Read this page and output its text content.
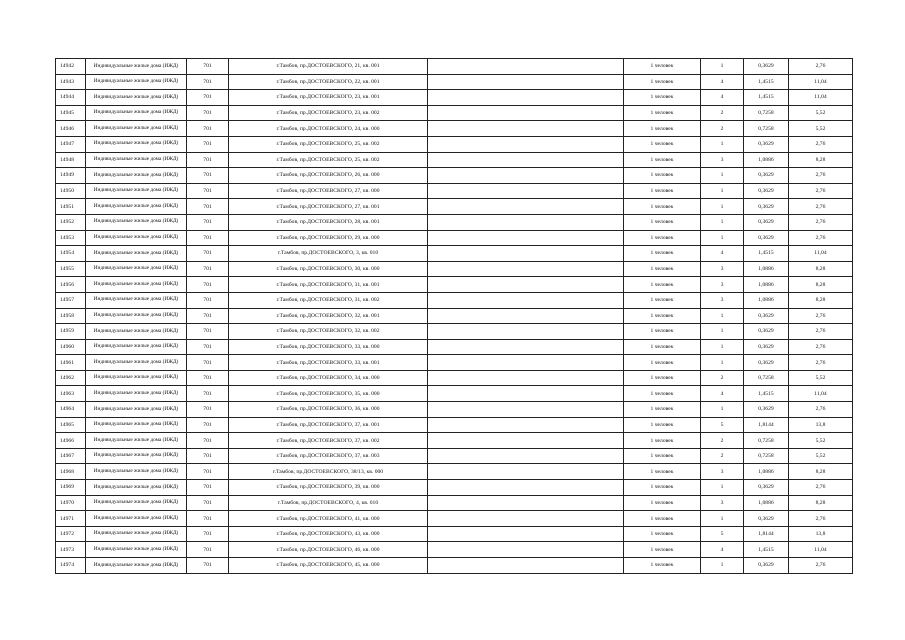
14942	Индивидуальные жилые дома (ИЖД)	701	г.Тамбов, пр.ДОСТОЕВСКОГО, 21, кв. 001		1 человек	1	0,3629	2,76
14943	Индивидуальные жилые дома (ИЖД)	701	г.Тамбов, пр.ДОСТОЕВСКОГО, 22, кв. 001		1 человек	4	1,4515	11,04
14944	Индивидуальные жилые дома (ИЖД)	701	г.Тамбов, пр.ДОСТОЕВСКОГО, 23, кв. 001		1 человек	4	1,4515	11,04
14945	Индивидуальные жилые дома (ИЖД)	701	г.Тамбов, пр.ДОСТОЕВСКОГО, 23, кв. 002		1 человек	2	0,7258	5,52
14946	Индивидуальные жилые дома (ИЖД)	701	г.Тамбов, пр.ДОСТОЕВСКОГО, 24, кв. 000		1 человек	2	0,7258	5,52
14947	Индивидуальные жилые дома (ИЖД)	701	г.Тамбов, пр.ДОСТОЕВСКОГО, 25, кв. 002		1 человек	1	0,3629	2,76
14948	Индивидуальные жилые дома (ИЖД)	701	г.Тамбов, пр.ДОСТОЕВСКОГО, 25, кв. 002		1 человек	3	1,0886	8,28
14949	Индивидуальные жилые дома (ИЖД)	701	г.Тамбов, пр.ДОСТОЕВСКОГО, 26, кв. 000		1 человек	1	0,3629	2,76
14950	Индивидуальные жилые дома (ИЖД)	701	г.Тамбов, пр.ДОСТОЕВСКОГО, 27, кв. 000		1 человек	1	0,3629	2,76
14951	Индивидуальные жилые дома (ИЖД)	701	г.Тамбов, пр.ДОСТОЕВСКОГО, 27, кв. 001		1 человек	1	0,3629	2,76
14952	Индивидуальные жилые дома (ИЖД)	701	г.Тамбов, пр.ДОСТОЕВСКОГО, 28, кв. 001		1 человек	1	0,3629	2,76
14953	Индивидуальные жилые дома (ИЖД)	701	г.Тамбов, пр.ДОСТОЕВСКОГО, 29, кв. 000		1 человек	1	0,3629	2,76
14954	Индивидуальные жилые дома (ИЖД)	701	г.Тамбов, пр.ДОСТОЕВСКОГО, 3, кв. 010		1 человек	4	1,4515	11,04
14955	Индивидуальные жилые дома (ИЖД)	701	г.Тамбов, пр.ДОСТОЕВСКОГО, 30, кв. 000		1 человек	3	1,0886	8,28
14956	Индивидуальные жилые дома (ИЖД)	701	г.Тамбов, пр.ДОСТОЕВСКОГО, 31, кв. 001		1 человек	3	1,0886	8,28
14957	Индивидуальные жилые дома (ИЖД)	701	г.Тамбов, пр.ДОСТОЕВСКОГО, 31, кв. 002		1 человек	3	1,0886	8,28
14958	Индивидуальные жилые дома (ИЖД)	701	г.Тамбов, пр.ДОСТОЕВСКОГО, 32, кв. 001		1 человек	1	0,3629	2,76
14959	Индивидуальные жилые дома (ИЖД)	701	г.Тамбов, пр.ДОСТОЕВСКОГО, 32, кв. 002		1 человек	1	0,3629	2,76
14960	Индивидуальные жилые дома (ИЖД)	701	г.Тамбов, пр.ДОСТОЕВСКОГО, 33, кв. 000		1 человек	1	0,3629	2,76
14961	Индивидуальные жилые дома (ИЖД)	701	г.Тамбов, пр.ДОСТОЕВСКОГО, 33, кв. 001		1 человек	1	0,3629	2,76
14962	Индивидуальные жилые дома (ИЖД)	701	г.Тамбов, пр.ДОСТОЕВСКОГО, 34, кв. 000		1 человек	2	0,7258	5,52
14963	Индивидуальные жилые дома (ИЖД)	701	г.Тамбов, пр.ДОСТОЕВСКОГО, 35, кв. 000		1 человек	4	1,4515	11,04
14964	Индивидуальные жилые дома (ИЖД)	701	г.Тамбов, пр.ДОСТОЕВСКОГО, 36, кв. 000		1 человек	1	0,3629	2,76
14965	Индивидуальные жилые дома (ИЖД)	701	г.Тамбов, пр.ДОСТОЕВСКОГО, 37, кв. 001		1 человек	5	1,8144	13,8
14966	Индивидуальные жилые дома (ИЖД)	701	г.Тамбов, пр.ДОСТОЕВСКОГО, 37, кв. 002		1 человек	2	0,7258	5,52
14967	Индивидуальные жилые дома (ИЖД)	701	г.Тамбов, пр.ДОСТОЕВСКОГО, 37, кв. 003		1 человек	2	0,7258	5,52
14968	Индивидуальные жилые дома (ИЖД)	701	г.Тамбов, пр.ДОСТОЕВСКОГО, 38/13, кв. 000		1 человек	3	1,0886	8,28
14969	Индивидуальные жилые дома (ИЖД)	701	г.Тамбов, пр.ДОСТОЕВСКОГО, 39, кв. 000		1 человек	1	0,3629	2,76
14970	Индивидуальные жилые дома (ИЖД)	701	г.Тамбов, пр.ДОСТОЕВСКОГО, 4, кв. 010		1 человек	3	1,0886	8,28
14971	Индивидуальные жилые дома (ИЖД)	701	г.Тамбов, пр.ДОСТОЕВСКОГО, 41, кв. 000		1 человек	1	0,3629	2,76
14972	Индивидуальные жилые дома (ИЖД)	701	г.Тамбов, пр.ДОСТОЕВСКОГО, 43, кв. 000		1 человек	5	1,8144	13,8
14973	Индивидуальные жилые дома (ИЖД)	701	г.Тамбов, пр.ДОСТОЕВСКОГО, 46, кв. 000		1 человек	4	1,4515	11,04
14974	Индивидуальные жилые дома (ИЖД)	701	г.Тамбов, пр.ДОСТОЕВСКОГО, 45, кв. 000		1 человек	1	0,3629	2,76
